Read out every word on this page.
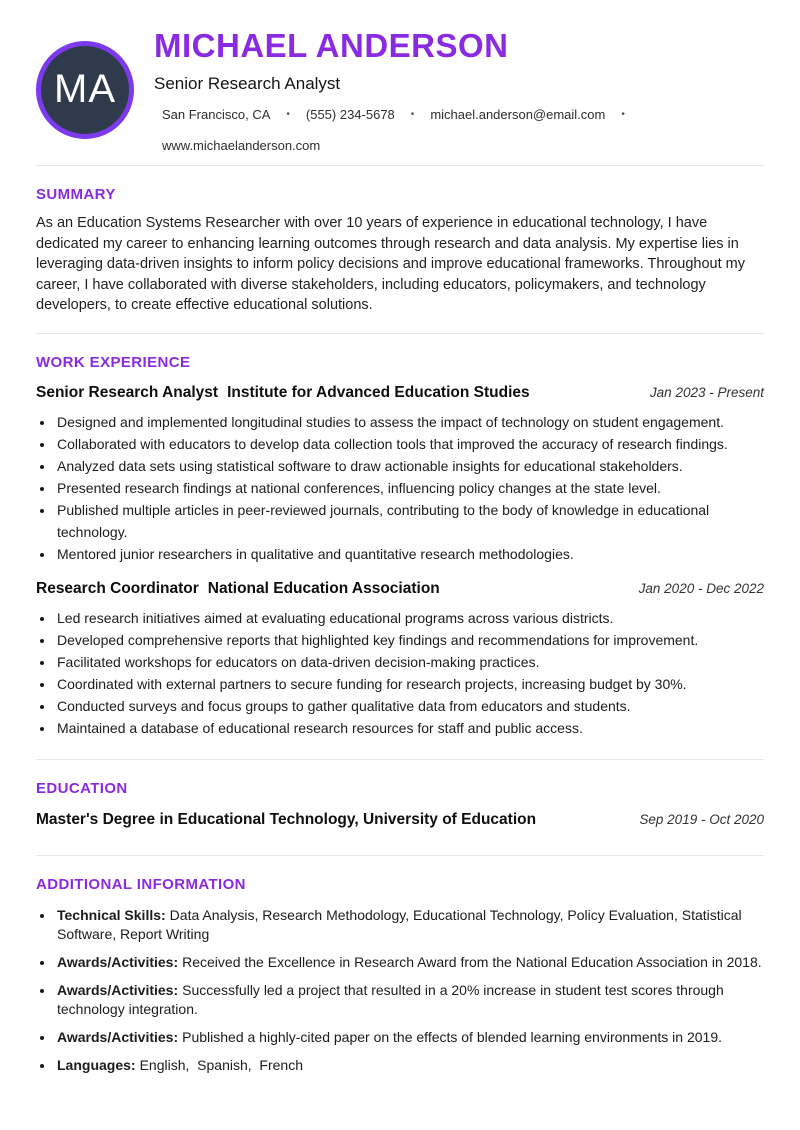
MA
MICHAEL ANDERSON
Senior Research Analyst
San Francisco, CA • (555) 234-5678 • michael.anderson@email.com •
www.michaelanderson.com
SUMMARY
As an Education Systems Researcher with over 10 years of experience in educational technology, I have dedicated my career to enhancing learning outcomes through research and data analysis. My expertise lies in leveraging data-driven insights to inform policy decisions and improve educational frameworks. Throughout my career, I have collaborated with diverse stakeholders, including educators, policymakers, and technology developers, to create effective educational solutions.
WORK EXPERIENCE
Senior Research Analyst Institute for Advanced Education Studies	Jan 2023 - Present
• Designed and implemented longitudinal studies to assess the impact of technology on student engagement.
• Collaborated with educators to develop data collection tools that improved the accuracy of research findings.
• Analyzed data sets using statistical software to draw actionable insights for educational stakeholders.
• Presented research findings at national conferences, influencing policy changes at the state level.
• Published multiple articles in peer-reviewed journals, contributing to the body of knowledge in educational technology.
• Mentored junior researchers in qualitative and quantitative research methodologies.
Research Coordinator National Education Association	Jan 2020 - Dec 2022
• Led research initiatives aimed at evaluating educational programs across various districts.
• Developed comprehensive reports that highlighted key findings and recommendations for improvement.
• Facilitated workshops for educators on data-driven decision-making practices.
• Coordinated with external partners to secure funding for research projects, increasing budget by 30%.
• Conducted surveys and focus groups to gather qualitative data from educators and students.
• Maintained a database of educational research resources for staff and public access.
EDUCATION
Master's Degree in Educational Technology, University of Education	Sep 2019 - Oct 2020
ADDITIONAL INFORMATION
• Technical Skills: Data Analysis, Research Methodology, Educational Technology, Policy Evaluation, Statistical Software, Report Writing
• Awards/Activities: Received the Excellence in Research Award from the National Education Association in 2018.
• Awards/Activities: Successfully led a project that resulted in a 20% increase in student test scores through technology integration.
• Awards/Activities: Published a highly-cited paper on the effects of blended learning environments in 2019.
• Languages: English,  Spanish,  French
